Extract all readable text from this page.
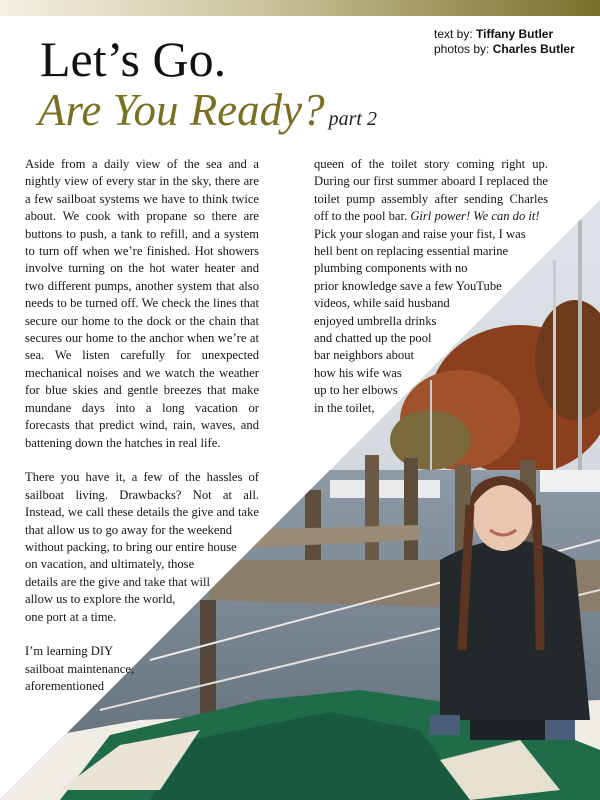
text by: Tiffany Butler
photos by: Charles Butler
Let’s Go.
Are You Ready? part 2

Aside from a daily view of the sea and a nightly view of every star in the sky, there are a few sailboat systems we have to think twice about. We cook with propane so there are buttons to push, a tank to refill, and a system to turn off when we’re finished. Hot showers involve turning on the hot water heater and two different pumps, another system that also needs to be turned off. We check the lines that secure our home to the dock or the chain that secures our home to the anchor when we’re at sea. We listen carefully for unexpected mechanical noises and we watch the weather for blue skies and gentle breezes that make mundane days into a long vacation or forecasts that predict wind, rain, waves, and battening down the hatches in real life.

There you have it, a few of the hassles of sailboat living. Drawbacks? Not at all. Instead, we call these details the give and take that allow us to go away for the weekend
without packing, to bring our entire house
on vacation, and ultimately, those
details are the give and take that will
allow us to explore the world,
one port at a time.
I’m learning DIY
sailboat maintenance,
aforementioned
queen of the toilet story coming right up. During our first summer aboard I replaced the toilet pump assembly after sending Charles off to the pool bar. Girl power! We can do it!
Pick your slogan and raise your fist, I was
hell bent on replacing essential marine
plumbing components with no
prior knowledge save a few YouTube
videos, while said husband
enjoyed umbrella drinks
and chatted up the pool
bar neighbors about
how his wife was
up to her elbows
in the toilet,
